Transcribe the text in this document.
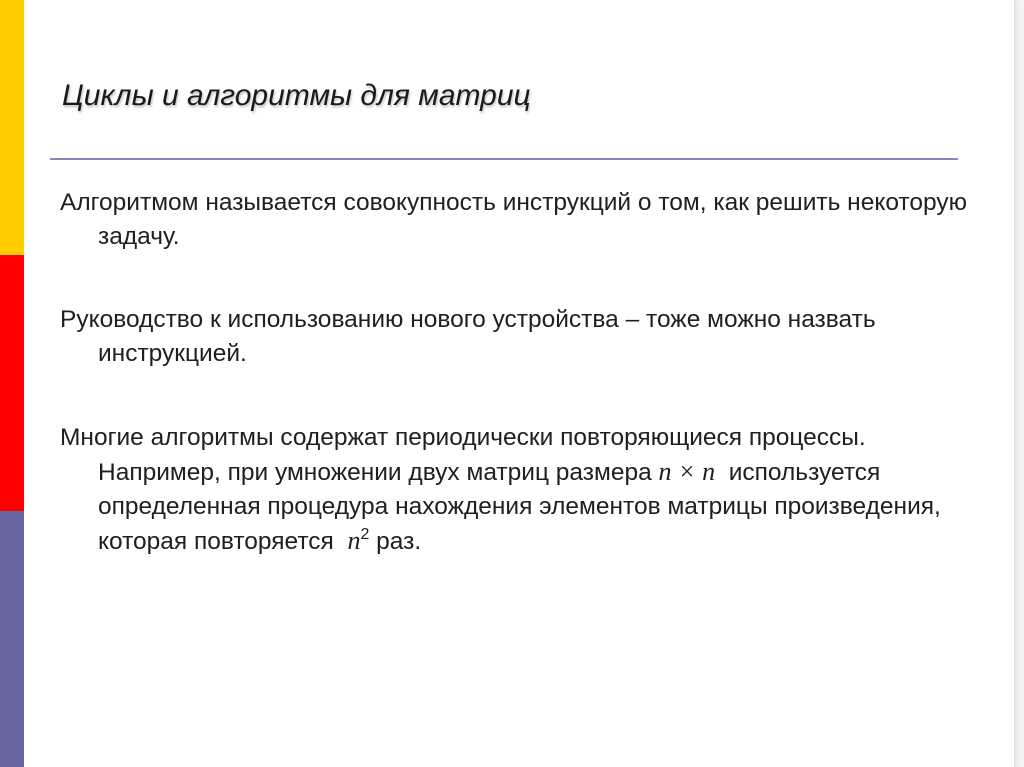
Циклы и алгоритмы для матриц

Алгоритмом называется совокупность инструкций о том, как решить некоторую задачу.

Руководство к использованию нового устройства – тоже можно назвать инструкцией.

Многие алгоритмы содержат периодически повторяющиеся процессы. Например, при умножении двух матриц размера n × n используется определенная процедура нахождения элементов матрицы произведения, которая повторяется $n^2$ раз.
